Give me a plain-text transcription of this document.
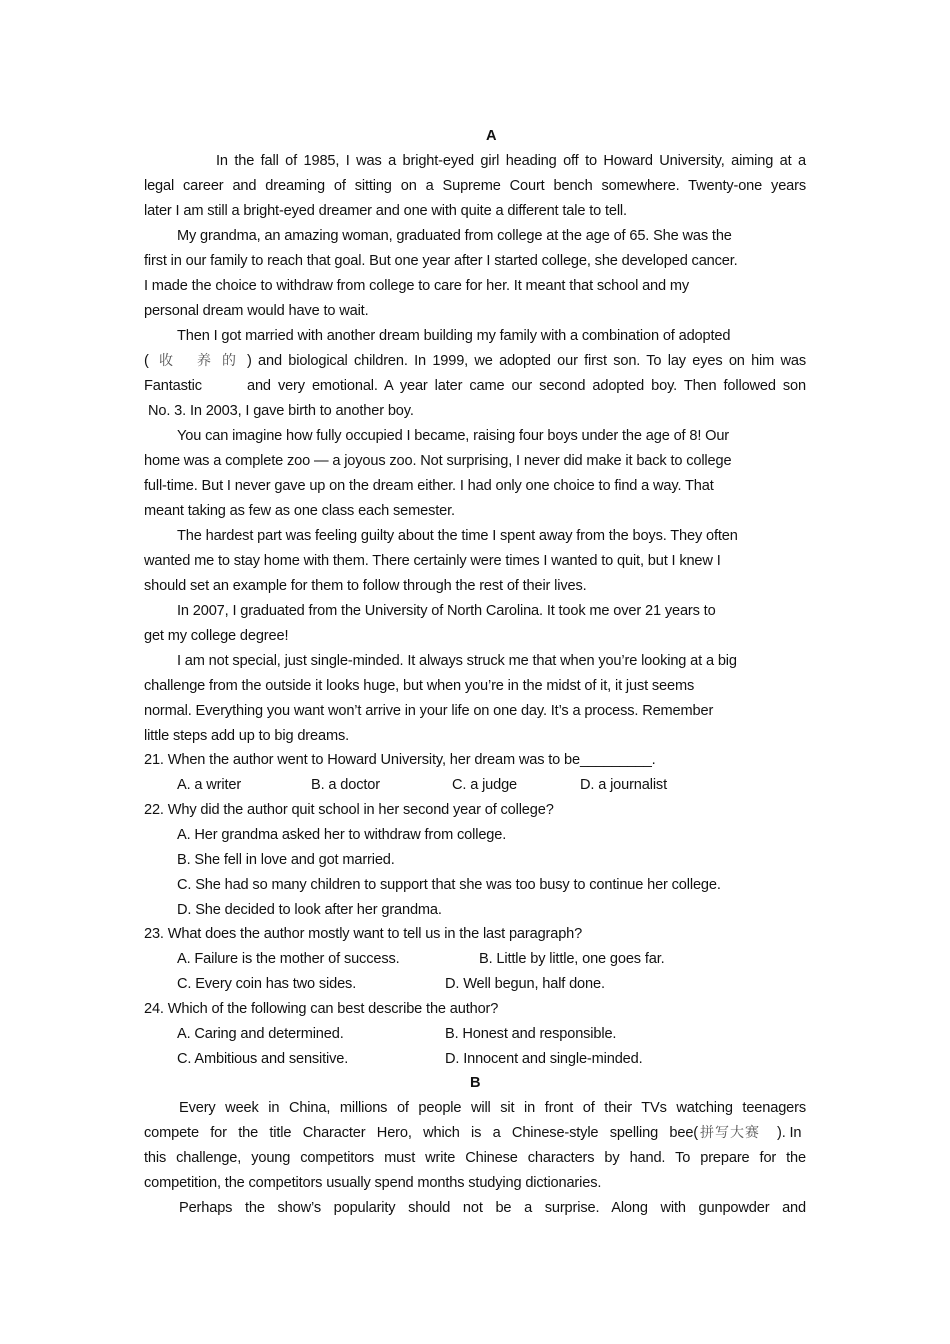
A
In the fall of 1985, I was a bright-eyed girl heading off to Howard University, aiming at a
legal career and dreaming of sitting on a Supreme Court bench somewhere. Twenty-one years
later I am still a bright-eyed dreamer and one with quite a different tale to tell.
My grandma, an amazing woman, graduated from college at the age of 65. She was the
first in our family to reach that goal. But one year after I started college, she developed cancer.
I made the choice to withdraw from college to care for her. It meant that school and my
personal dream would have to wait.
Then I got married with another dream building my family with a combination of adopted
( 收 养 的 ) and biological children. In 1999, we adopted our first son. To lay eyes on him was
Fantastic	and very emotional. A year later came our second adopted boy. Then followed son
No. 3. In 2003, I gave birth to another boy.
You can imagine how fully occupied I became, raising four boys under the age of 8! Our
home was a complete zoo — a joyous zoo. Not surprising, I never did make it back to college
full-time. But I never gave up on the dream either. I had only one choice to find a way. That
meant taking as few as one class each semester.
The hardest part was feeling guilty about the time I spent away from the boys. They often
wanted me to stay home with them. There certainly were times I wanted to quit, but I knew I
should set an example for them to follow through the rest of their lives.
In 2007, I graduated from the University of North Carolina. It took me over 21 years to
get my college degree!
I am not special, just single-minded. It always struck me that when you’re looking at a big
challenge from the outside it looks huge, but when you’re in the midst of it, it just seems
normal. Everything you want won’t arrive in your life on one day. It’s a process. Remember
little steps add up to big dreams.
21. When the author went to Howard University, her dream was to be_________.
A. a writer	B. a doctor	C. a judge	D. a journalist
22. Why did the author quit school in her second year of college?
A. Her grandma asked her to withdraw from college.
B. She fell in love and got married.
C. She had so many children to support that she was too busy to continue her college.
D. She decided to look after her grandma.
23. What does the author mostly want to tell us in the last paragraph?
A. Failure is the mother of success.	B. Little by little, one goes far.
C. Every coin has two sides.	D. Well begun, half done.
24. Which of the following can best describe the author?
A. Caring and determined.	B. Honest and responsible.
C. Ambitious and sensitive.	D. Innocent and single-minded.
B
Every week in China, millions of people will sit in front of their TVs watching teenagers
compete for the title Character Hero, which is a Chinese-style spelling bee( 拼写大赛 ). In
this challenge, young competitors must write Chinese characters by hand. To prepare for the
competition, the competitors usually spend months studying dictionaries.
Perhaps the show’s popularity should not be a surprise. Along with gunpowder and
